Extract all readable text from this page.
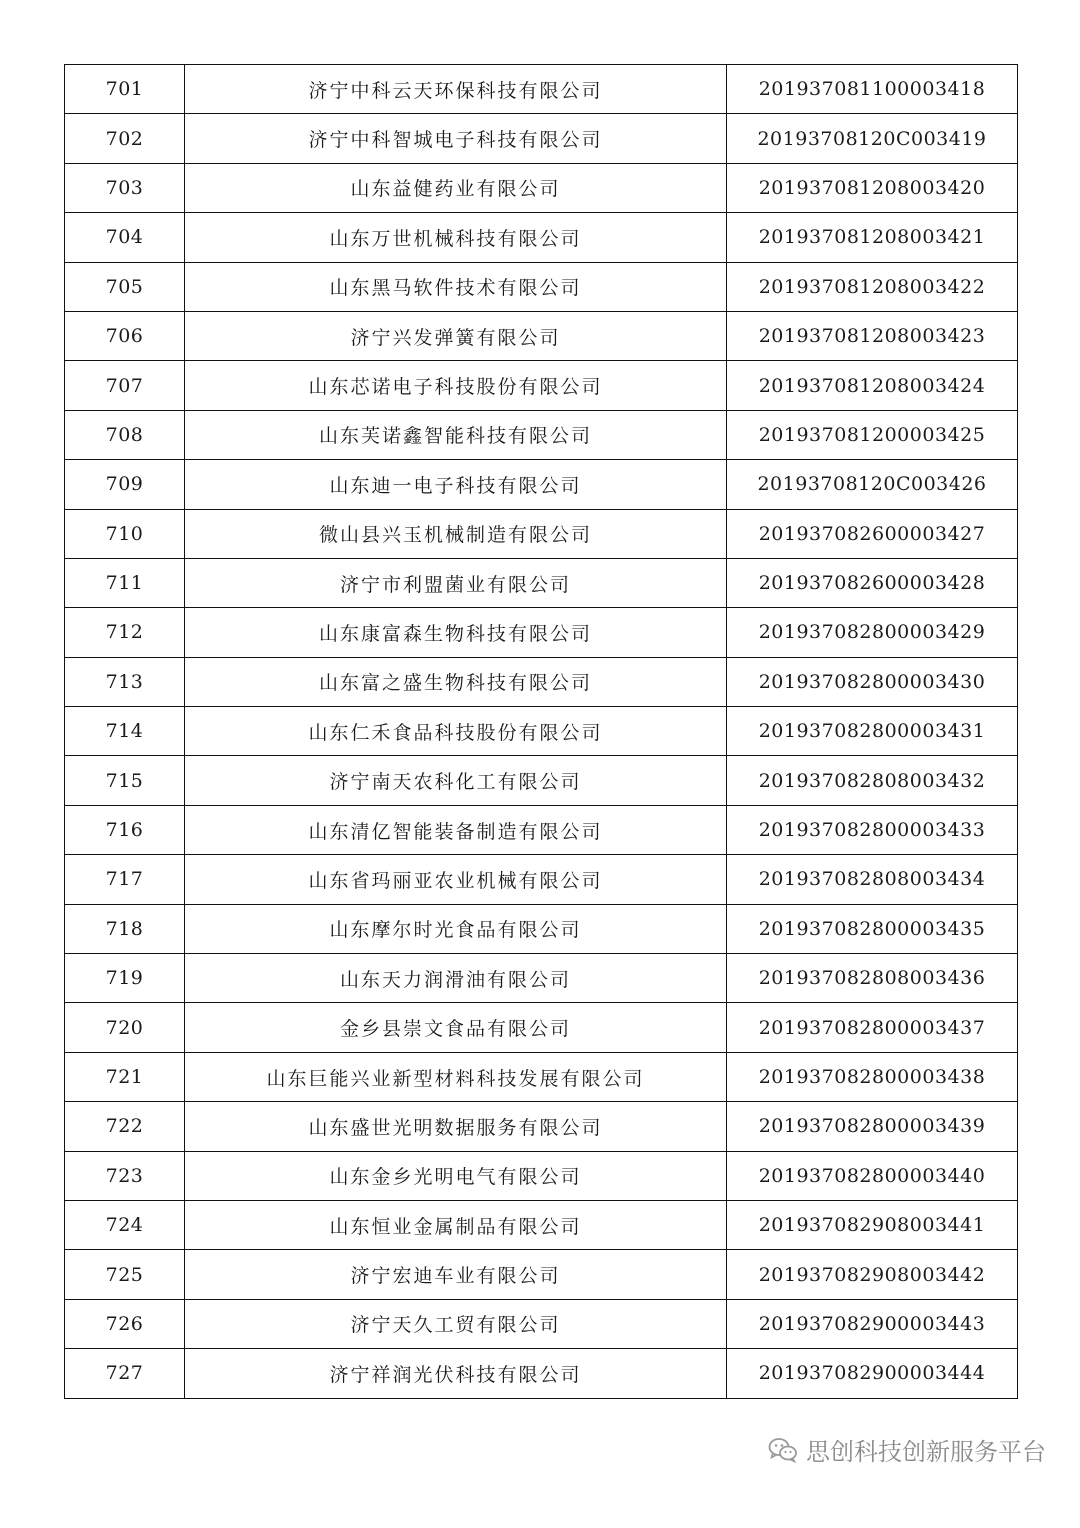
701	济宁中科云天环保科技有限公司	201937081100003418
702	济宁中科智城电子科技有限公司	20193708120C003419
703	山东益健药业有限公司	201937081208003420
704	山东万世机械科技有限公司	201937081208003421
705	山东黑马软件技术有限公司	201937081208003422
706	济宁兴发弹簧有限公司	201937081208003423
707	山东芯诺电子科技股份有限公司	201937081208003424
708	山东芙诺鑫智能科技有限公司	201937081200003425
709	山东迪一电子科技有限公司	20193708120C003426
710	微山县兴玉机械制造有限公司	201937082600003427
711	济宁市利盟菌业有限公司	201937082600003428
712	山东康富森生物科技有限公司	201937082800003429
713	山东富之盛生物科技有限公司	201937082800003430
714	山东仁禾食品科技股份有限公司	201937082800003431
715	济宁南天农科化工有限公司	201937082808003432
716	山东清亿智能装备制造有限公司	201937082800003433
717	山东省玛丽亚农业机械有限公司	201937082808003434
718	山东摩尔时光食品有限公司	201937082800003435
719	山东天力润滑油有限公司	201937082808003436
720	金乡县崇文食品有限公司	201937082800003437
721	山东巨能兴业新型材料科技发展有限公司	201937082800003438
722	山东盛世光明数据服务有限公司	201937082800003439
723	山东金乡光明电气有限公司	201937082800003440
724	山东恒业金属制品有限公司	201937082908003441
725	济宁宏迪车业有限公司	201937082908003442
726	济宁天久工贸有限公司	201937082900003443
727	济宁祥润光伏科技有限公司	201937082900003444
思创科技创新服务平台
